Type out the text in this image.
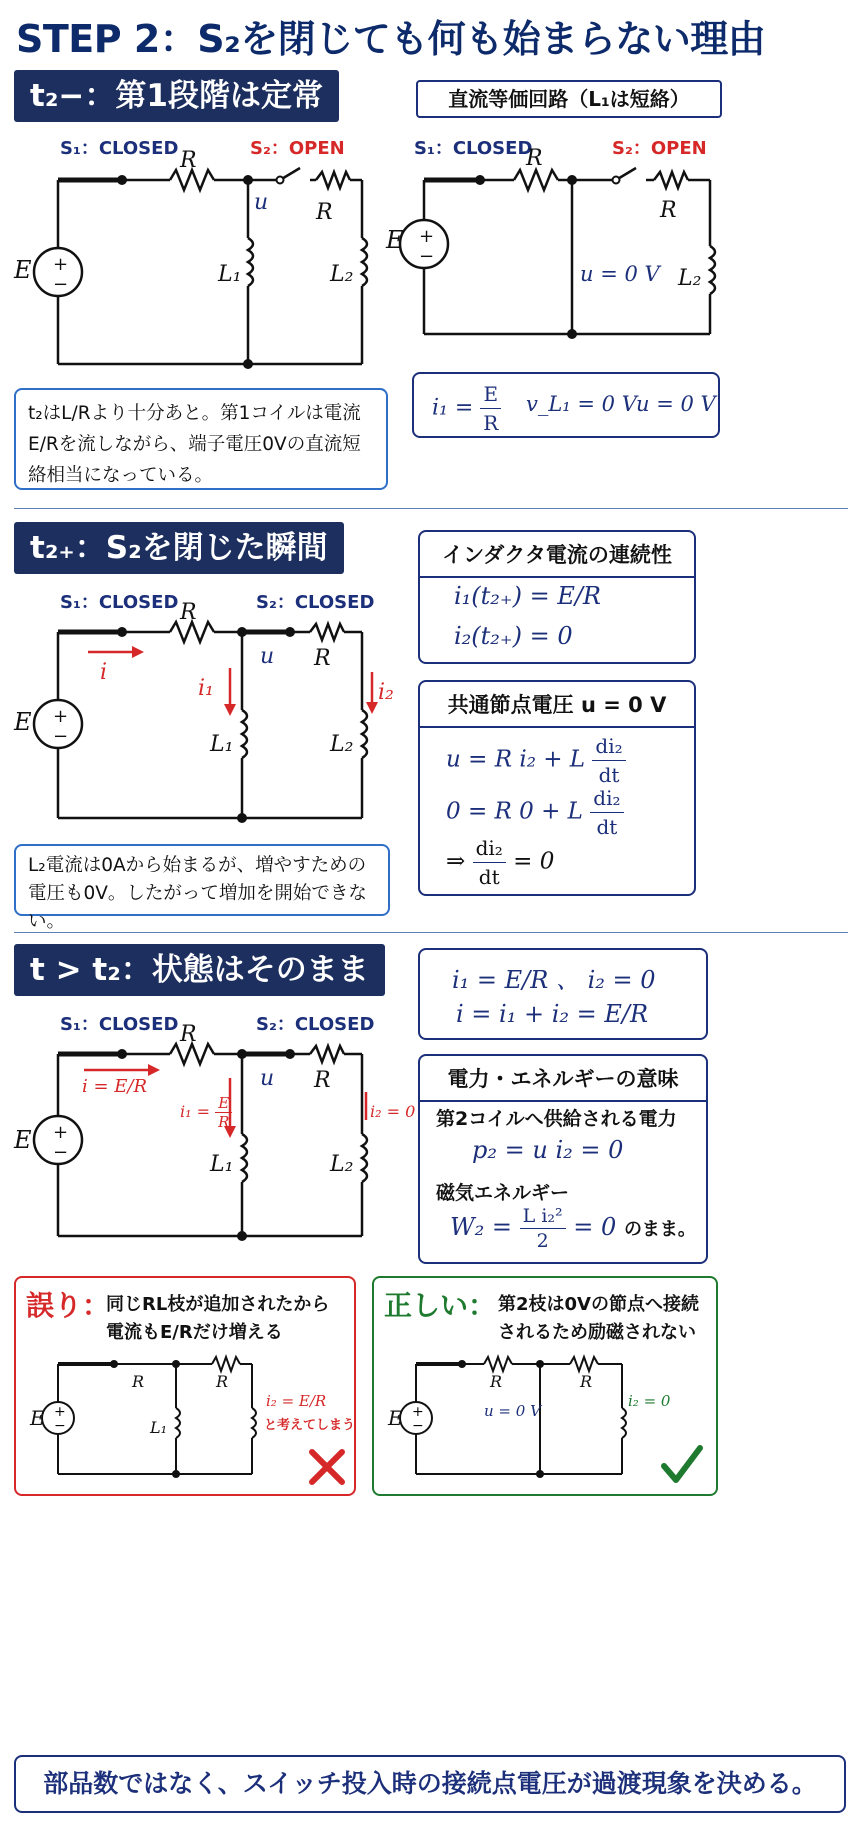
STEP 2：S₂を閉じても何も始まらない理由
t₂−：第1段階は定常
+
−
S₁：CLOSED	S₂：OPEN
R
R
u
E	L₁	L₂
直流等価回路（L₁は短絡）
+
−
S₁：CLOSED	S₂：OPEN
R
R
u = 0 V
E
L₂
t₂はL/Rより十分あと。第1コイルは電流E/Rを流しながら、端子電圧0Vの直流短絡相当になっている。
$i_1 = \frac{E}{R}$ v_L₁ = 0 V u = 0 V
t₂₊：S₂を閉じた瞬間
+
−
S₁：CLOSED	S₂：CLOSED
R
R
u
i
i₁	i₂
E
L₁	L₂
L₂電流は0Aから始まるが、増やすための電圧も0V。したがって増加を開始できない。
インダクタ電流の連続性
i₁(t₂₊) = E/R
i₂(t₂₊) = 0
共通節点電圧 u = 0 V
u = R i₂ + L $\frac{\text{di₂}}{dt}$
0 = R 0 + L $\frac{\text{di₂}}{dt}$
⇒ $\frac{\text{di₂}}{dt} = 0$
t > t₂：状態はそのまま
+
−
S₁：CLOSED	S₂：CLOSED
R
R
u
i = E/R
$i_1 = \frac{E}{R}$	i₂ = 0
E
L₁	L₂
i₁ = E/R 、 i₂ = 0
i = i₁ + i₂ = E/R
電力・エネルギーの意味
第2コイルへ供給される電力
p₂ = u i₂ = 0
磁気エネルギー
$W_2 = \frac{\text{L i₂²}}{2} = 0$ のまま。
誤り：
同じRL枝が追加されたから
電流もE/Rだけ増える
+
−
E
R	R
L₁
i₂ = E/R
と考えてしまう
正しい： 第2枝は0Vの節点へ接続
されるため励磁されない
+
−
E
R	R
u = 0 V
i₂ = 0
部品数ではなく、スイッチ投入時の接続点電圧が過渡現象を決める。
